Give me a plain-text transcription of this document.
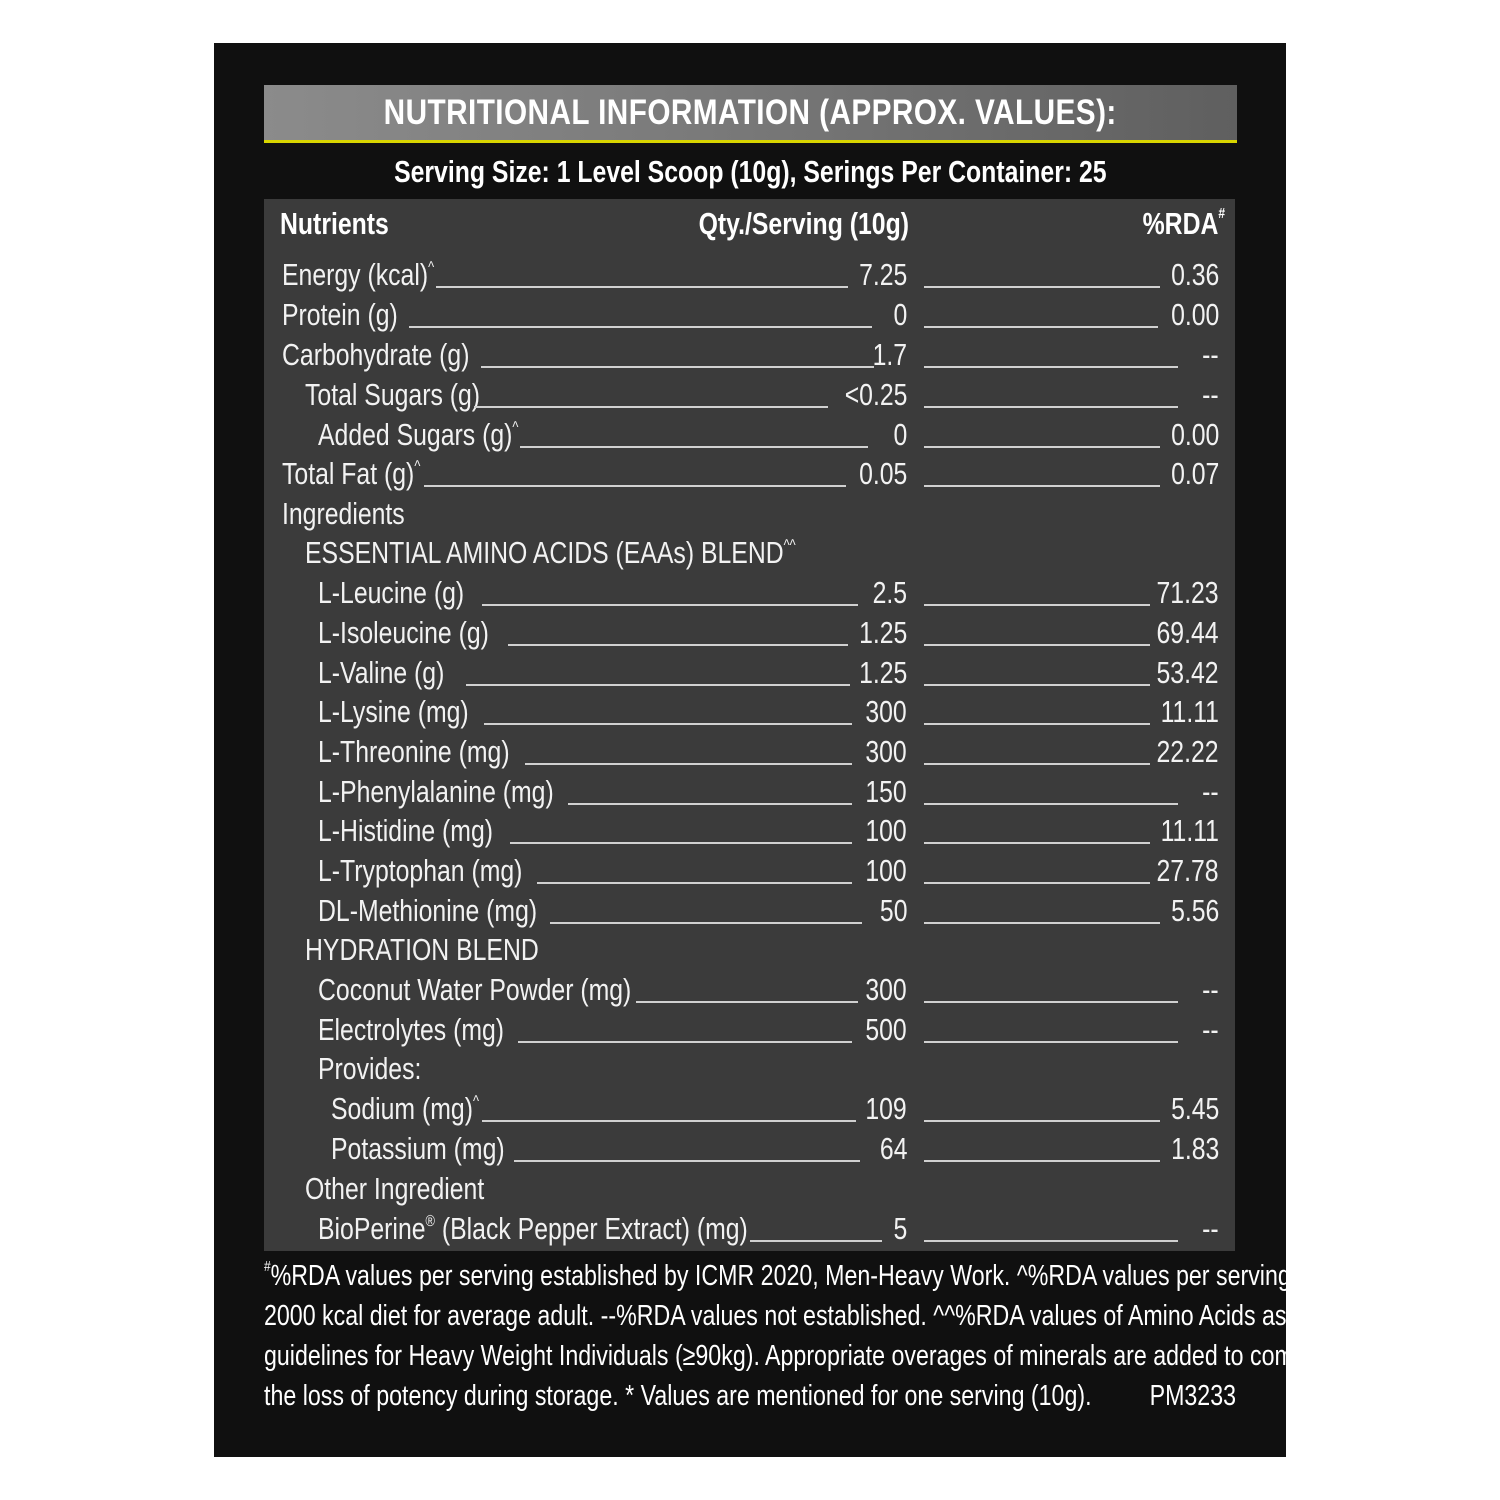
NUTRITIONAL INFORMATION (APPROX. VALUES):
Serving Size: 1 Level Scoop (10g), Serings Per Container: 25
Nutrients	Qty./Serving (10g)	%RDA#
Energy (kcal)^	7.25	0.36
Protein (g)	0	0.00
Carbohydrate (g)	1.7	--
Total Sugars (g)	<0.25	--
Added Sugars (g)^	0	0.00
Total Fat (g)^	0.05	0.07
Ingredients
ESSENTIAL AMINO ACIDS (EAAs) BLEND^^
L-Leucine (g)	2.5	71.23
L-Isoleucine (g)	1.25	69.44
L-Valine (g)	1.25	53.42
L-Lysine (mg)	300	11.11
L-Threonine (mg)	300	22.22
L-Phenylalanine (mg)	150	--
L-Histidine (mg)	100	11.11
L-Tryptophan (mg)	100	27.78
DL-Methionine (mg)	50	5.56
HYDRATION BLEND
Coconut Water Powder (mg)	300	--
Electrolytes (mg)	500	--
Provides:
Sodium (mg)^	109	5.45
Potassium (mg)	64	1.83
Other Ingredient
BioPerine® (Black Pepper Extract) (mg)	5	--

#%RDA values per serving established by ICMR 2020, Men-Heavy Work. ^%RDA values per serving based on

2000 kcal diet for average adult. --%RDA values not established. ^^%RDA values of Amino Acids as per ICMR

guidelines for Heavy Weight Individuals (≥90kg). Appropriate overages of minerals are added to compensate

the loss of potency during storage. * Values are mentioned for one serving (10g).	PM3233
